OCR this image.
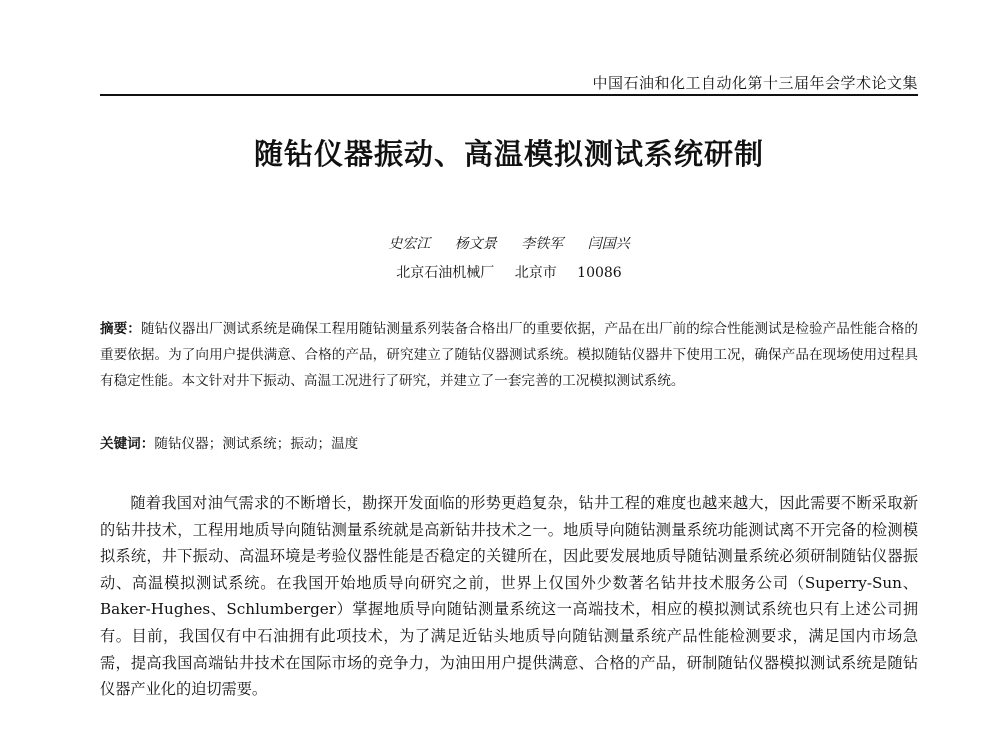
中国石油和化工自动化第十三届年会学术论文集
随钻仪器振动、高温模拟测试系统研制
史宏江 杨文景 李铁军 闫国兴
北京石油机械厂 北京市 10086
摘要：随钻仪器出厂测试系统是确保工程用随钻测量系列装备合格出厂的重要依据，产品在出厂前的综合性能测试是检验产品性能合格的重要依据。为了向用户提供满意、合格的产品，研究建立了随钻仪器测试系统。模拟随钻仪器井下使用工况，确保产品在现场使用过程具有稳定性能。本文针对井下振动、高温工况进行了研究，并建立了一套完善的工况模拟测试系统。
关键词：随钻仪器 ； 测试系统 ； 振动 ； 温度

随着我国对油气需求的不断增长，勘探开发面临的形势更趋复杂，钻井工程的难度也越来越大，因此需要不断采取新的钻井技术，工程用地质导向随钻测量系统就是高新钻井技术之一。地质导向随钻测量系统功能测试离不开完备的检测模拟系统，井下振动、高温环境是考验仪器性能是否稳定的关键所在，因此要发展地质导随钻测量系统必须研制随钻仪器振动、高温模拟测试系统。在我国开始地质导向研究之前，世界上仅国外少数著名钻井技术服务公司（Superry-Sun、Baker-Hughes、Schlumberger）掌握地质导向随钻测量系统这一高端技术，相应的模拟测试系统也只有上述公司拥有。目前，我国仅有中石油拥有此项技术，为了满足近钻头地质导向随钻测量系统产品性能检测要求，满足国内市场急需，提高我国高端钻井技术在国际市场的竞争力，为油田用户提供满意、合格的产品，研制随钻仪器模拟测试系统是随钻仪器产业化的迫切需要。
